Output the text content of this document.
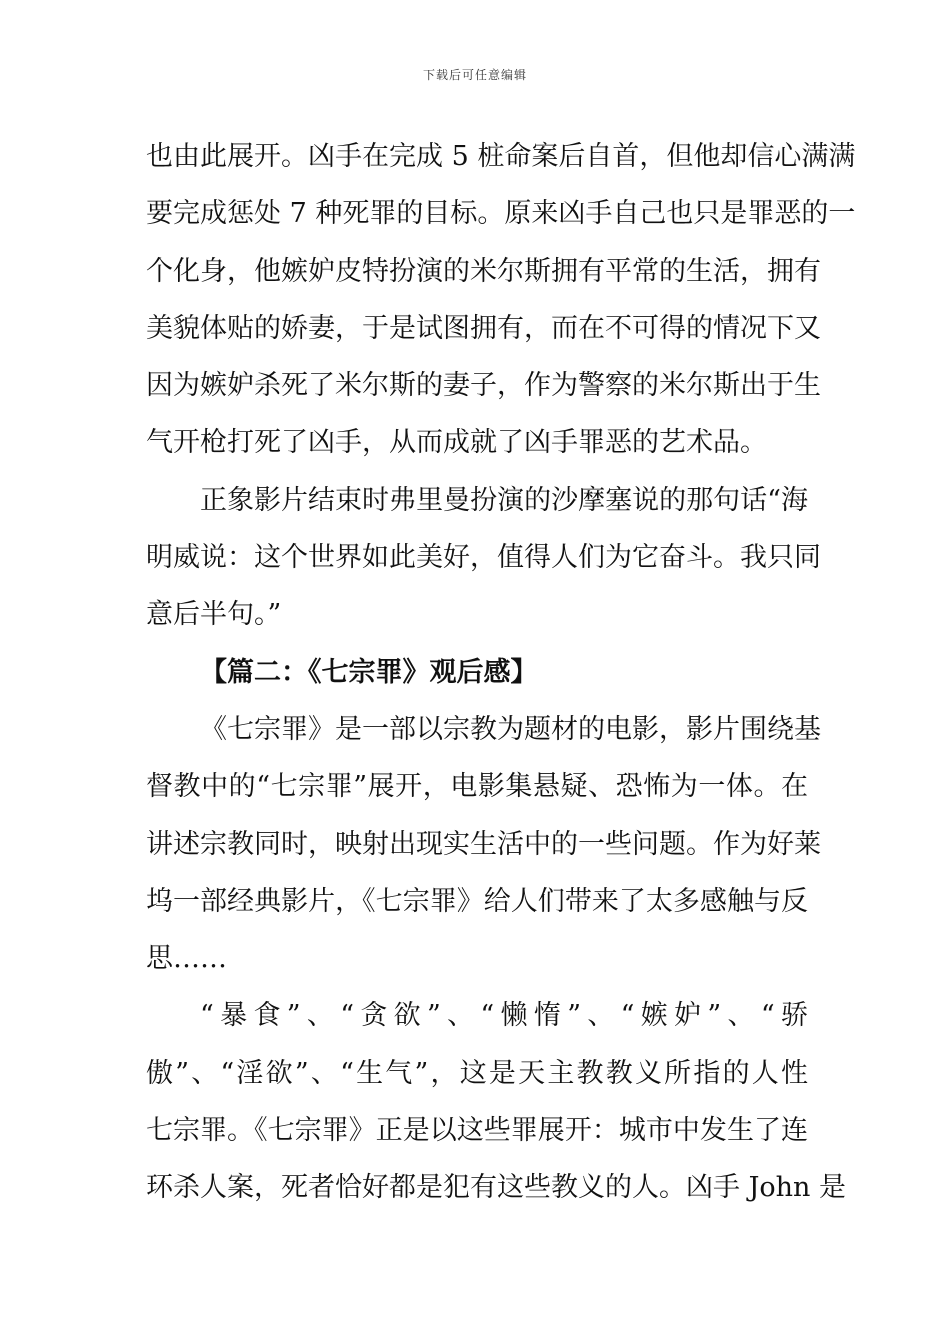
下载后可任意编辑
也由此展开。凶手在完成 5 桩命案后自首，但他却信心满满
要完成惩处 7 种死罪的目标。原来凶手自己也只是罪恶的一
个化身，他嫉妒皮特扮演的米尔斯拥有平常的生活，拥有
美貌体贴的娇妻，于是试图拥有，而在不可得的情况下又
因为嫉妒杀死了米尔斯的妻子，作为警察的米尔斯出于生
气开枪打死了凶手，从而成就了凶手罪恶的艺术品。
正象影片结束时弗里曼扮演的沙摩塞说的那句话“海
明威说：这个世界如此美好，值得人们为它奋斗。我只同
意后半句。”
【篇二：《七宗罪》观后感】
《七宗罪》是一部以宗教为题材的电影，影片围绕基
督教中的“七宗罪”展开，电影集悬疑、恐怖为一体。在
讲述宗教同时，映射出现实生活中的一些问题。作为好莱
坞一部经典影片，《七宗罪》给人们带来了太多感触与反
思……
“暴食”、“贪欲”、“懒惰”、“嫉妒”、“骄
傲”、“淫欲”、“生气”，这是天主教教义所指的人性
七宗罪。《七宗罪》正是以这些罪展开：城市中发生了连
环杀人案，死者恰好都是犯有这些教义的人。凶手 John 是
